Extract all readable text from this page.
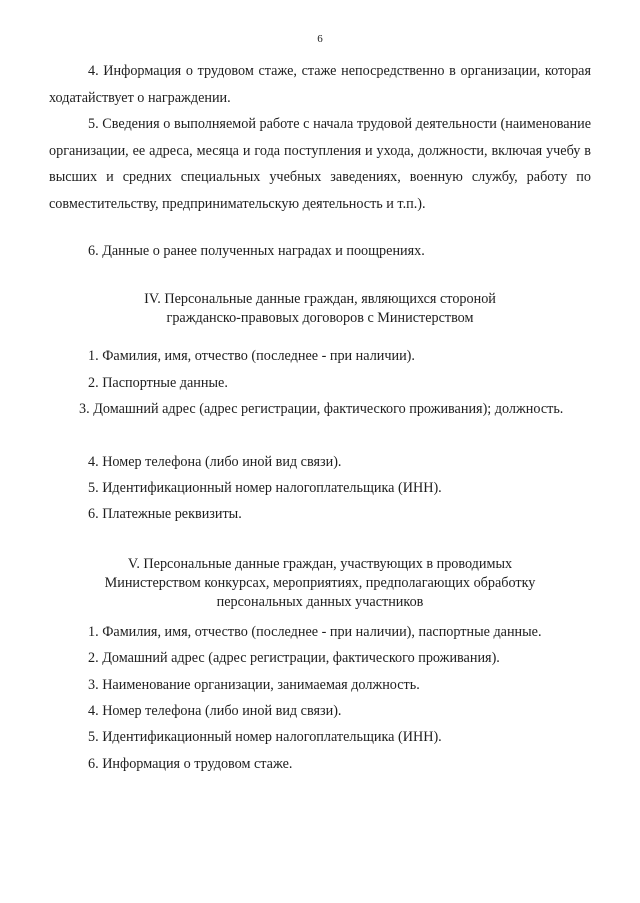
6

4. Информация о трудовом стаже, стаже непосредственно в организации, которая ходатайствует о награждении.

5. Сведения о выполняемой работе с начала трудовой деятельности (наименование организации, ее адреса, месяца и года поступления и ухода, должности, включая учебу в высших и средних специальных учебных заведениях, военную службу, работу по совместительству, предпринимательскую деятельность и т.п.).

6. Данные о ранее полученных наградах и поощрениях.

IV. Персональные данные граждан, являющихся стороной
гражданско-правовых договоров с Министерством

1. Фамилия, имя, отчество (последнее - при наличии).

2. Паспортные данные.

3. Домашний адрес (адрес регистрации, фактического проживания); должность.

4. Номер телефона (либо иной вид связи).

5. Идентификационный номер налогоплательщика (ИНН).

6. Платежные реквизиты.

V. Персональные данные граждан, участвующих в проводимых
Министерством конкурсах, мероприятиях, предполагающих обработку
персональных данных участников

1. Фамилия, имя, отчество (последнее - при наличии), паспортные данные.

2. Домашний адрес (адрес регистрации, фактического проживания).

3. Наименование организации, занимаемая должность.

4. Номер телефона (либо иной вид связи).

5. Идентификационный номер налогоплательщика (ИНН).

6. Информация о трудовом стаже.
